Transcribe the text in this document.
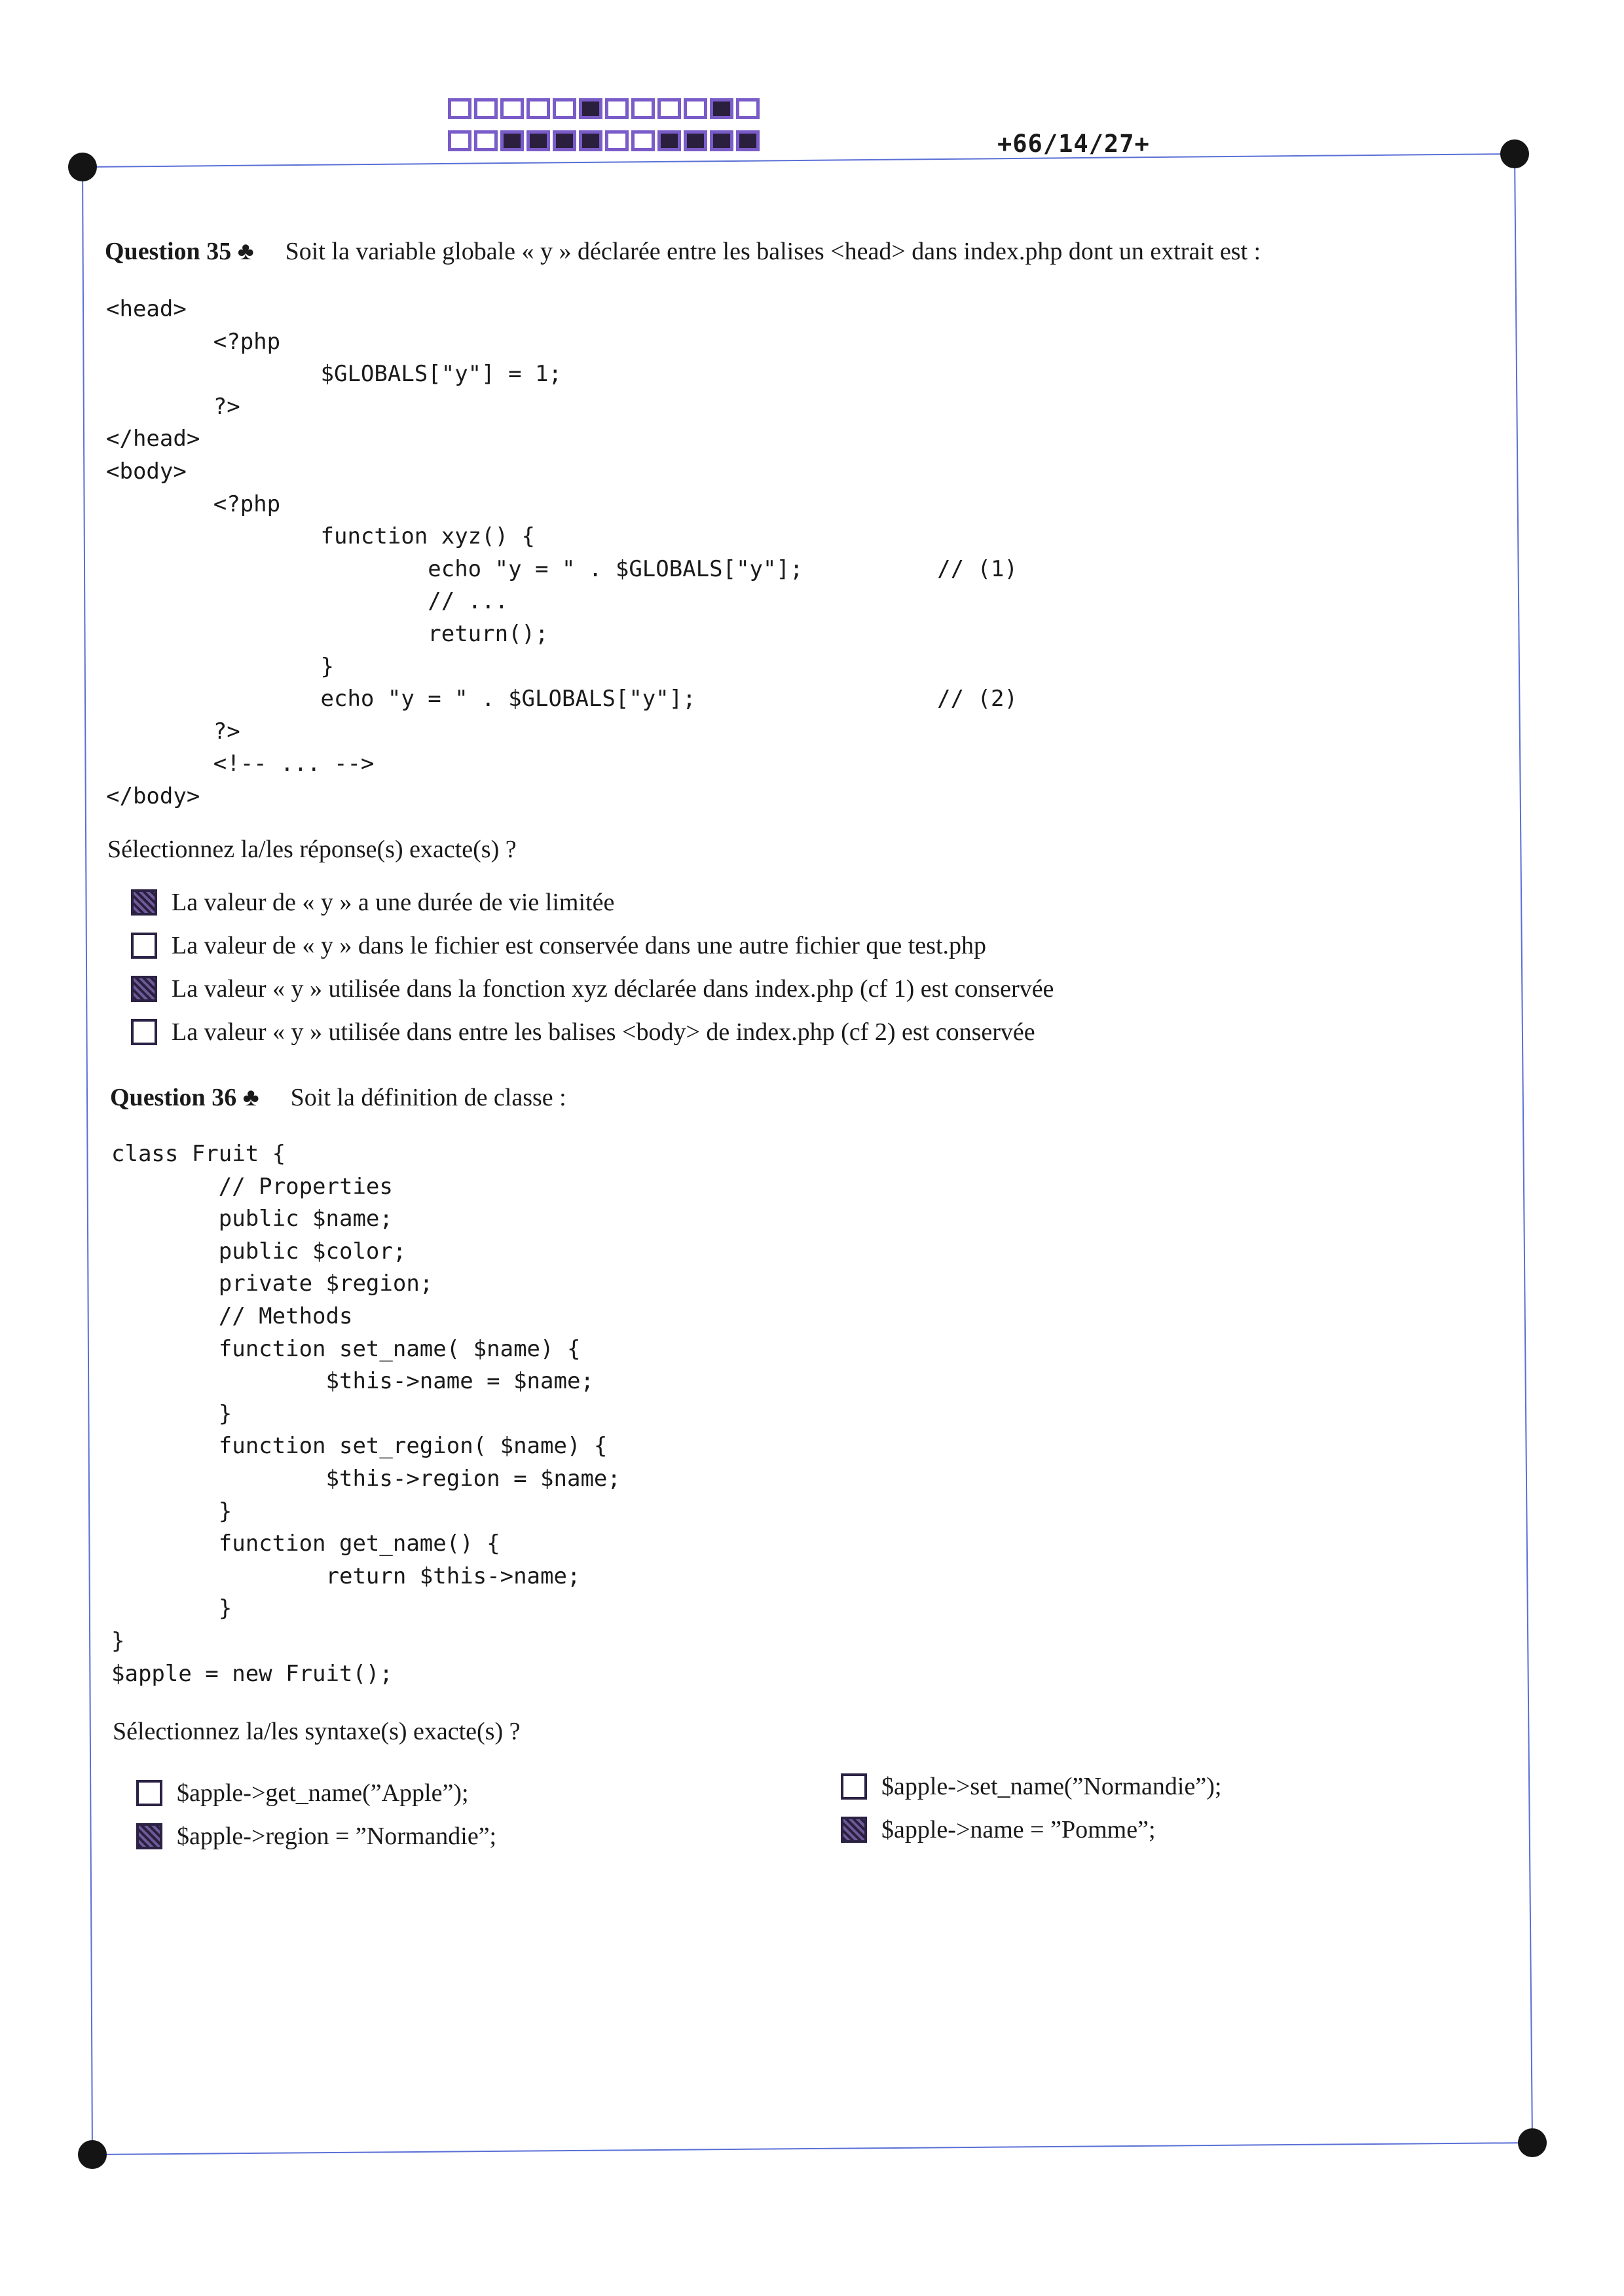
+66/14/27+
Question 35 ♣ Soit la variable globale « y » déclarée entre les balises <head> dans index.php dont un extrait est :
<head>
<?php
$GLOBALS["y"] = 1;
?>
</head>
<body>
<?php
function xyz() {
echo "y = " . $GLOBALS["y"];          // (1)
// ...
return();
}
echo "y = " . $GLOBALS["y"];                  // (2)
?>
<!-- ... -->
</body>
Sélectionnez la/les réponse(s) exacte(s) ?
La valeur de « y » a une durée de vie limitée
La valeur de « y » dans le fichier est conservée dans une autre fichier que test.php
La valeur « y » utilisée dans la fonction xyz déclarée dans index.php (cf 1) est conservée
La valeur « y » utilisée dans entre les balises <body> de index.php (cf 2) est conservée
Question 36 ♣ Soit la définition de classe :
class Fruit {
// Properties
public $name;
public $color;
private $region;
// Methods
function set_name( $name) {
$this->name = $name;
}
function set_region( $name) {
$this->region = $name;
}
function get_name() {
return $this->name;
}
}
$apple = new Fruit();
Sélectionnez la/les syntaxe(s) exacte(s) ?
$apple->get_name(”Apple”);
$apple->region = ”Normandie”;
$apple->set_name(”Normandie”);
$apple->name = ”Pomme”;
